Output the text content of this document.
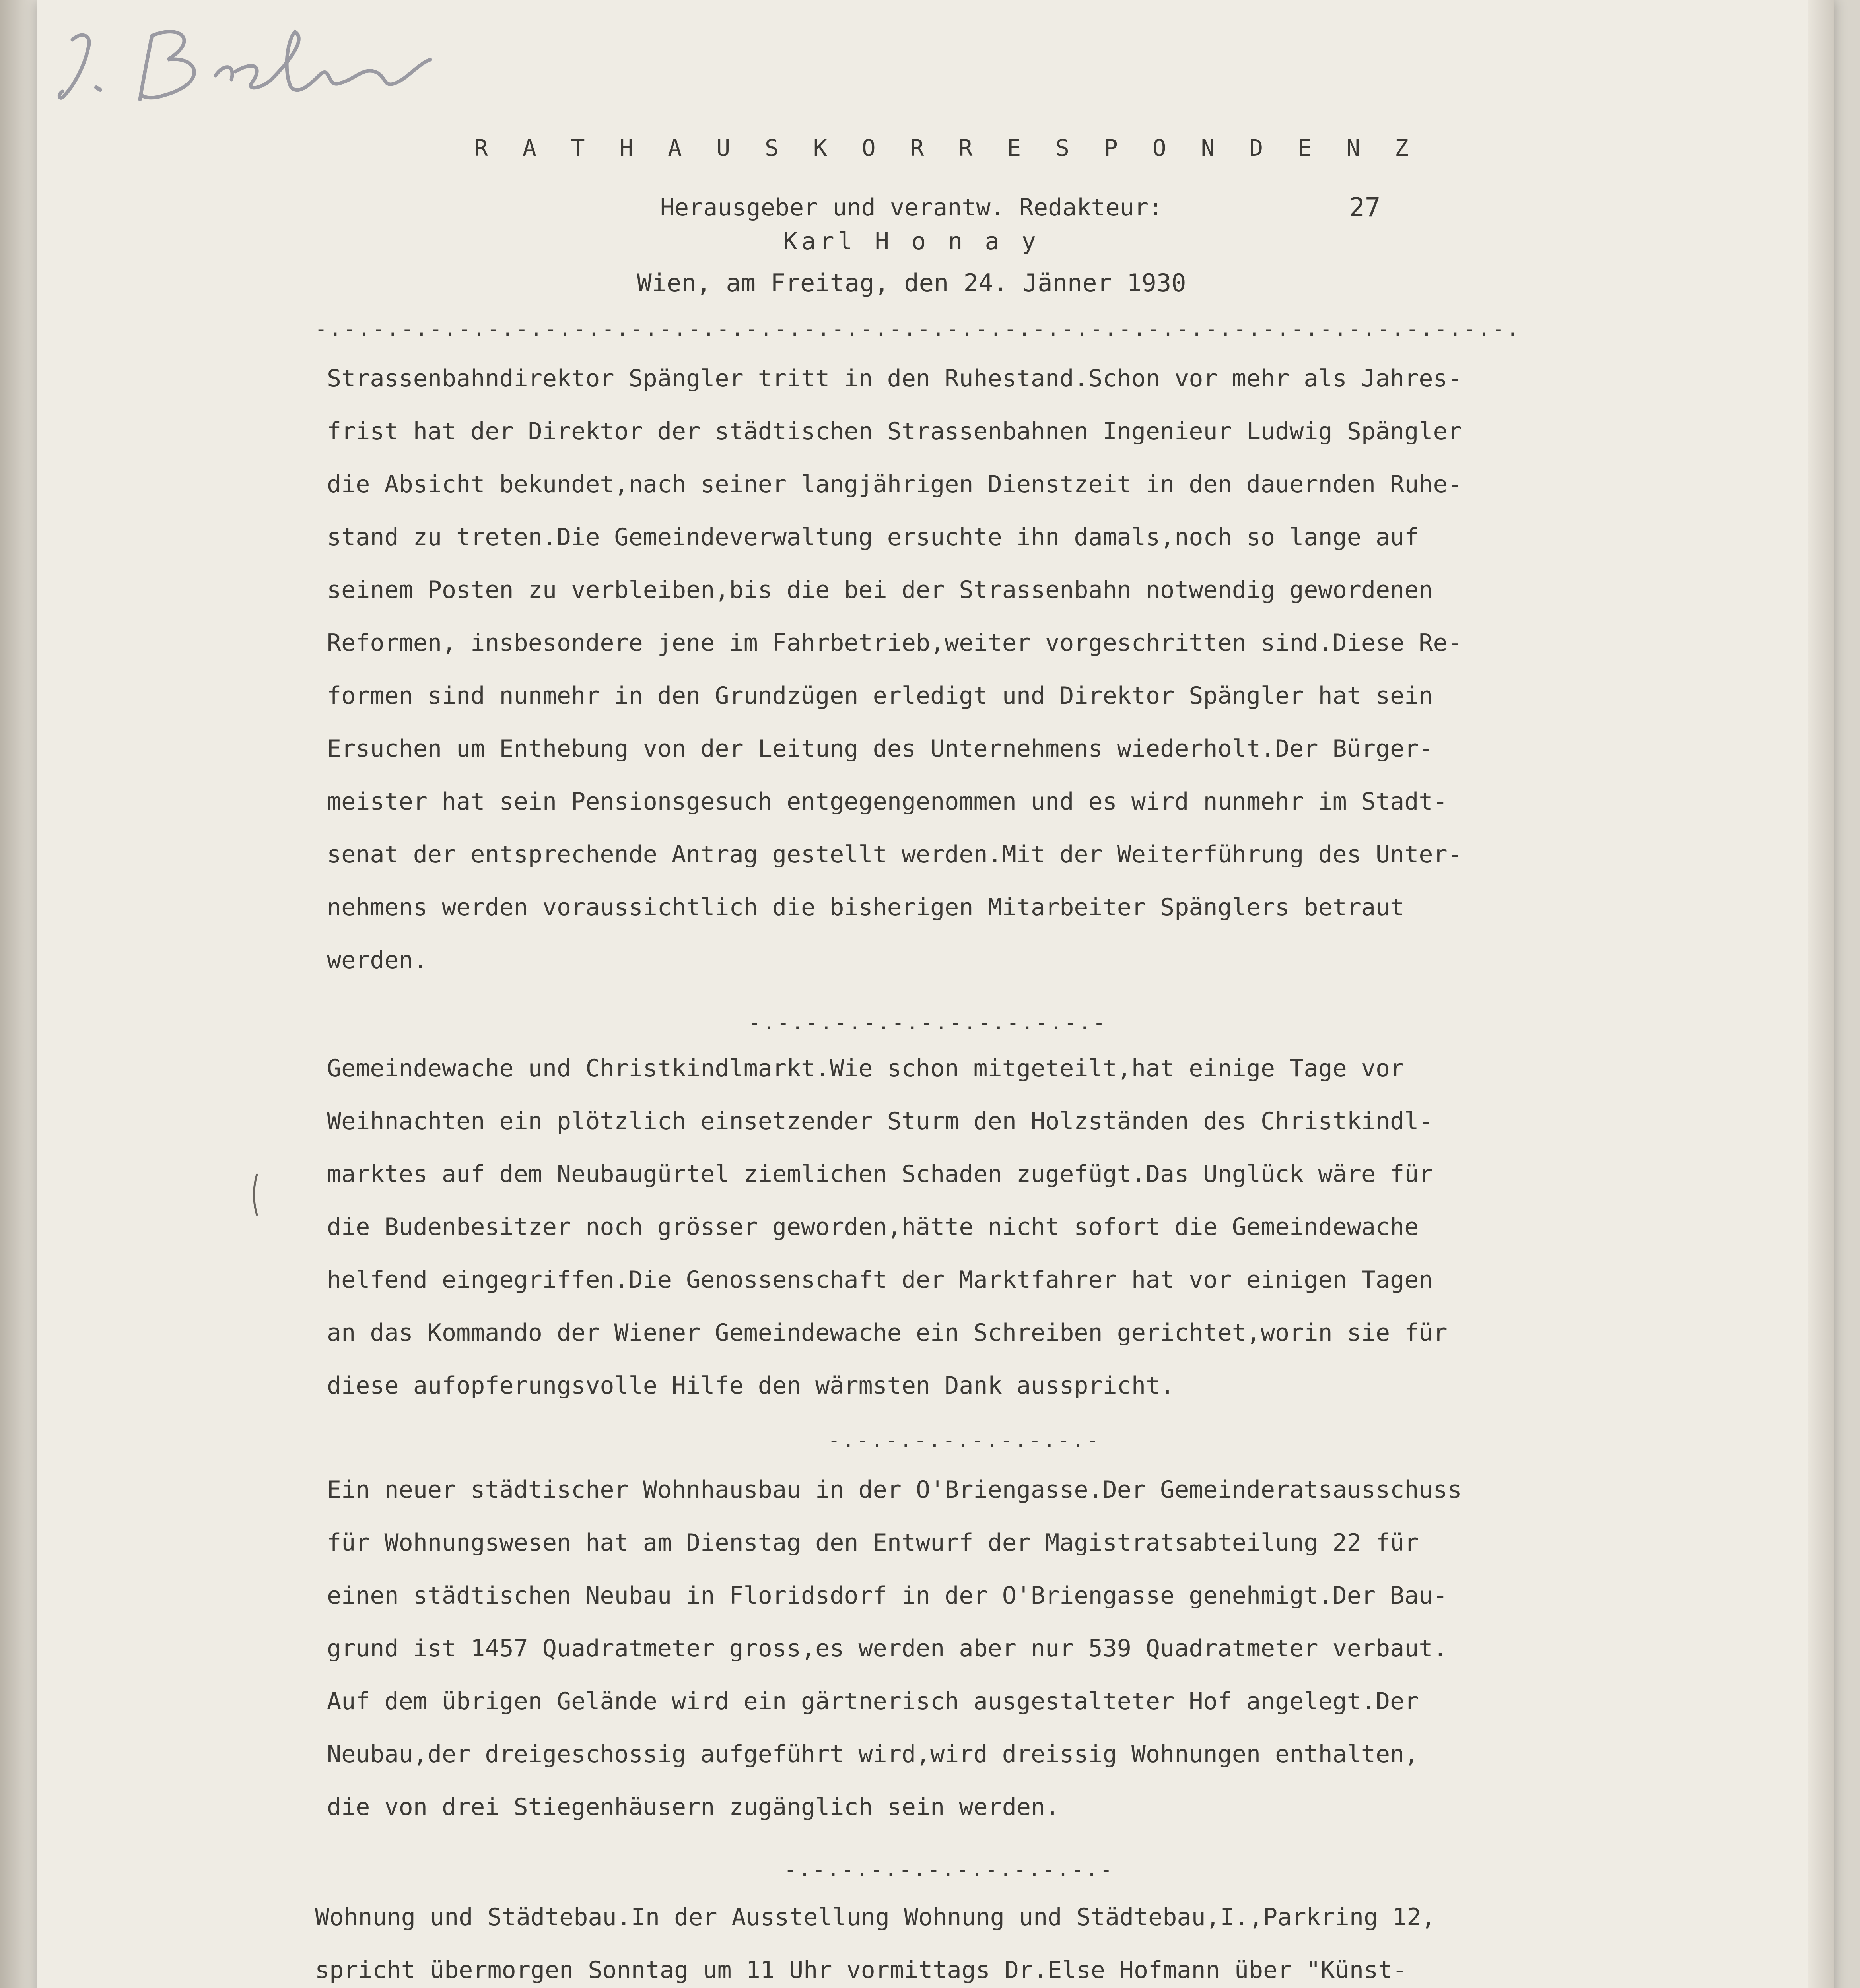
R A T H A U S K O R R E S P O N D E N Z
Herausgeber und verantw. Redakteur:
Karl H o n a y
27
Wien, am Freitag, den 24. Jänner 1930
-.-.-.-.-.-.-.-.-.-.-.-.-.-.-.-.-.-.-.-.-.-.-.-.-.-.-.-.-.-.-.-.-.-.-.-.-.-.-.-.-.-.
Strassenbahndirektor Spängler tritt in den Ruhestand.Schon vor mehr als Jahres-
frist hat der Direktor der städtischen Strassenbahnen Ingenieur Ludwig Spängler
die Absicht bekundet,nach seiner langjährigen Dienstzeit in den dauernden Ruhe-
stand zu treten.Die Gemeindeverwaltung ersuchte ihn damals,noch so lange auf
seinem Posten zu verbleiben,bis die bei der Strassenbahn notwendig gewordenen
Reformen, insbesondere jene im Fahrbetrieb,weiter vorgeschritten sind.Diese Re-
formen sind nunmehr in den Grundzügen erledigt und Direktor Spängler hat sein
Ersuchen um Enthebung von der Leitung des Unternehmens wiederholt.Der Bürger-
meister hat sein Pensionsgesuch entgegengenommen und es wird nunmehr im Stadt-
senat der entsprechende Antrag gestellt werden.Mit der Weiterführung des Unter-
nehmens werden voraussichtlich die bisherigen Mitarbeiter Spänglers betraut
werden.
-.-.-.-.-.-.-.-.-.-.-.-.-
Gemeindewache und Christkindlmarkt.Wie schon mitgeteilt,hat einige Tage vor
Weihnachten ein plötzlich einsetzender Sturm den Holzständen des Christkindl-
marktes auf dem Neubaugürtel ziemlichen Schaden zugefügt.Das Unglück wäre für
die Budenbesitzer noch grösser geworden,hätte nicht sofort die Gemeindewache
helfend eingegriffen.Die Genossenschaft der Marktfahrer hat vor einigen Tagen
an das Kommando der Wiener Gemeindewache ein Schreiben gerichtet,worin sie für
diese aufopferungsvolle Hilfe den wärmsten Dank ausspricht.
-.-.-.-.-.-.-.-.-.-
Ein neuer städtischer Wohnhausbau in der O'Briengasse.Der Gemeinderatsausschuss
für Wohnungswesen hat am Dienstag den Entwurf der Magistratsabteilung 22 für
einen städtischen Neubau in Floridsdorf in der O'Briengasse genehmigt.Der Bau-
grund ist 1457 Quadratmeter gross,es werden aber nur 539 Quadratmeter verbaut.
Auf dem übrigen Gelände wird ein gärtnerisch ausgestalteter Hof angelegt.Der
Neubau,der dreigeschossig aufgeführt wird,wird dreissig Wohnungen enthalten,
die von drei Stiegenhäusern zugänglich sein werden.
-.-.-.-.-.-.-.-.-.-.-.-
Wohnung und Städtebau.In der Ausstellung Wohnung und Städtebau,I.,Parkring 12,
spricht übermorgen Sonntag um 11 Uhr vormittags Dr.Else Hofmann über "Künst-
